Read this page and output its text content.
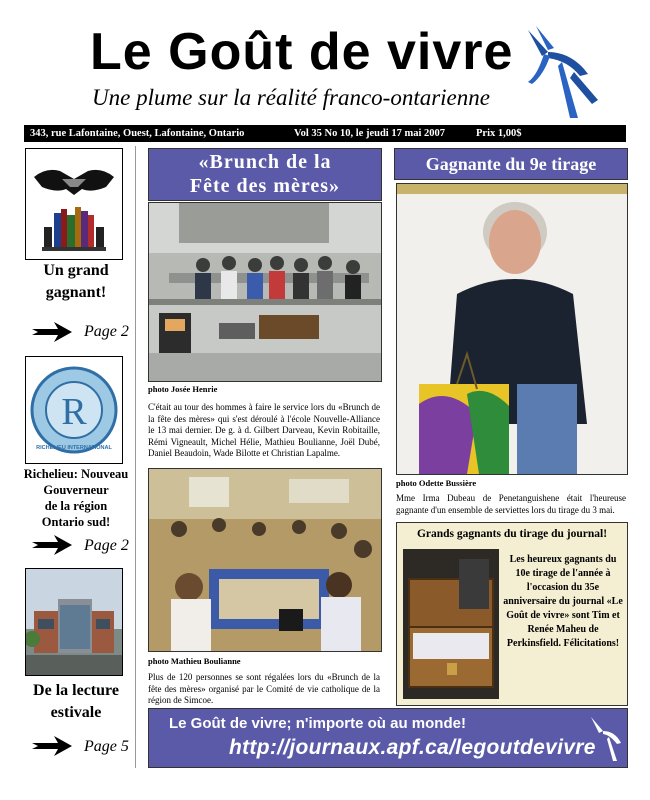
Le Goût de vivre
Une plume sur la réalité franco-ontarienne
343, rue Lafontaine, Ouest, Lafontaine, Ontario	Vol 35 No 10, le jeudi 17 mai 2007	Prix 1,00$
Un grand
gagnant!
Page 2
R
RICHELIEU INTERNATIONAL
Richelieu: Nouveau
Gouverneur
de la région
Ontario sud!
Page 2
De la lecture
estivale
Page 5
«Brunch de la
Fête des mères»
photo Josée Henrie
C'était au tour des hommes à faire le service lors du «Brunch de la fête des mères» qui s'est déroulé à l'école Nouvelle-Alliance le 13 mai dernier. De g. à d. Gilbert Darveau, Kevin Robitaille, Rémi Vigneault, Michel Hélie, Mathieu Boulianne, Joël Dubé, Daniel Beaudoin, Wade Bilotte et Christian Lapalme.
photo Mathieu Boulianne
Plus de 120 personnes se sont régalées lors du «Brunch de la fête des mères» organisé par le Comité de vie catholique de la région de Simcoe.
Gagnante du 9e tirage
photo Odette Bussière
Mme Irma Dubeau de Penetanguishene était l'heureuse gagnante d'un ensemble de serviettes lors du tirage du 3 mai.
Grands gagnants du tirage du journal!
Les heureux gagnants du 10e tirage de l'année à l'occasion du 35e anniversaire du journal «Le Goût de vivre» sont Tim et Renée Maheu de Perkinsfield. Félicitations!
Le Goût de vivre; n'importe où au monde!
http://journaux.apf.ca/legoutdevivre
